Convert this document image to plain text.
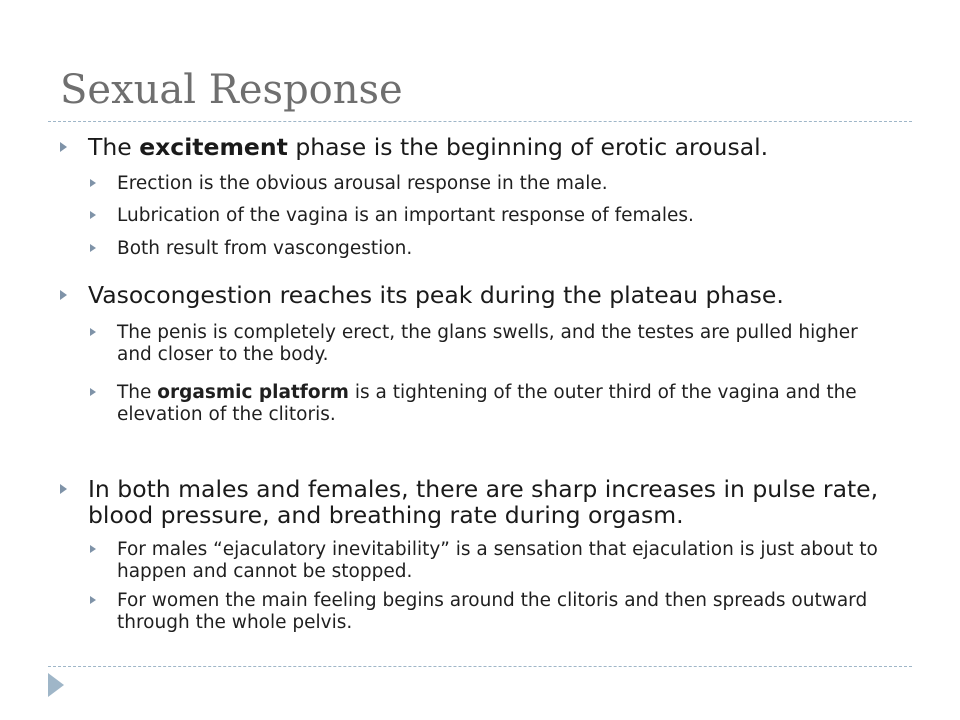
Sexual Response
The excitement phase is the beginning of erotic arousal.
Erection is the obvious arousal response in the male.
Lubrication of the vagina is an important response of females.
Both result from vascongestion.
Vasocongestion reaches its peak during the plateau phase.
The penis is completely erect, the glans swells, and the testes are pulled higher and closer to the body.
The orgasmic platform is a tightening of the outer third of the vagina and the elevation of the clitoris.
In both males and females, there are sharp increases in pulse rate, blood pressure, and breathing rate during orgasm.
For males “ejaculatory inevitability” is a sensation that ejaculation is just about to happen and cannot be stopped.
For women the main feeling begins around the clitoris and then spreads outward through the whole pelvis.
